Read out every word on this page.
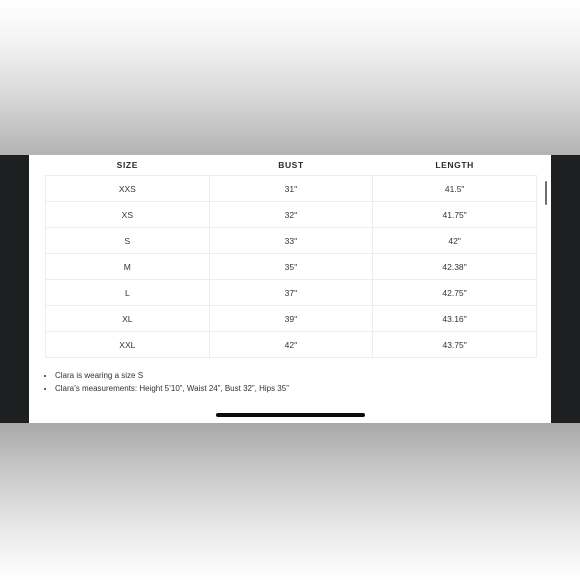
SIZE	BUST	LENGTH
XXS	31''	41.5"
XS	32''	41.75"
S	33''	42"
M	35''	42.38''
L	37''	42.75''
XL	39''	43.16''
XXL	42''	43.75"
• Clara is wearing a size S
• Clara’s measurements: Height 5’10”, Waist 24”, Bust 32”, Hips 35”
